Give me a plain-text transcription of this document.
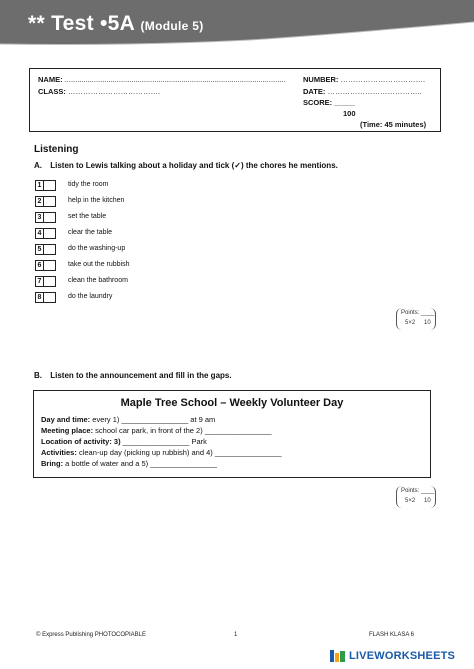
** Test •5A (Module 5)
NAME: ..........................................................................................................
CLASS: ……………………………….
NUMBER: …………………………….
DATE: ………………………………..
SCORE: _____
100
(Time: 45 minutes)
Listening
A. Listen to Lewis talking about a holiday and tick (✓) the chores he mentions.
1	tidy the room
2	help in the kitchen
3	set the table
4	clear the table
5	do the washing-up
6	take out the rubbish
7	clean the bathroom
8	do the laundry
Points: ____
5×2 10
B. Listen to the announcement and fill in the gaps.
Maple Tree School – Weekly Volunteer Day
Day and time: every 1) ________________ at 9 am
Meeting place: school car park, in front of the 2) ________________
Location of activity: 3) ________________ Park
Activities: clean-up day (picking up rubbish) and 4) ________________
Bring: a bottle of water and a 5) ________________
Points: ____
5×2 10
© Express Publishing PHOTOCOPIABLE	1	FLASH KLASA 6
LIVEWORKSHEETS
